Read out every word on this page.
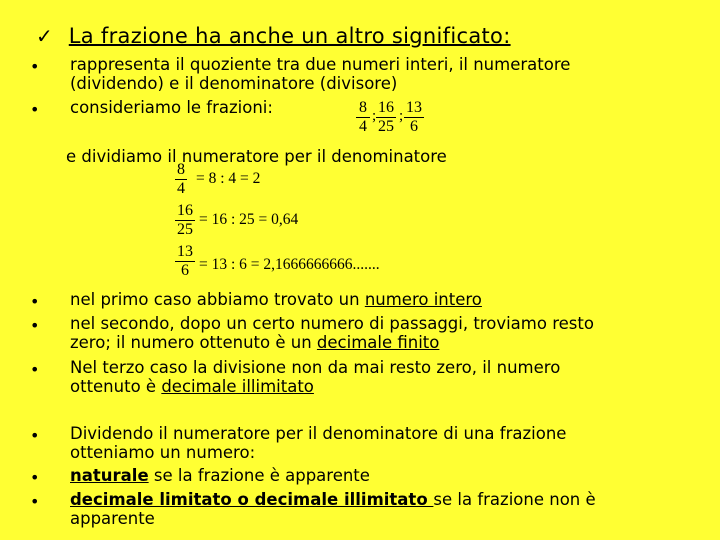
✓ La frazione ha anche un altro significato:
• rappresenta il quoziente tra due numeri interi, il numeratore
(dividendo) e il denominatore (divisore)
• consideriamo le frazioni:	8
4
; 16
25
; 13
6
e dividiamo il numeratore per il denominatore
8
4
= 8 : 4 = 2
16
25
= 16 : 25 = 0,64
13
6 = 13 : 6 = 2,1666666666.......
• nel primo caso abbiamo trovato un numero intero
• nel secondo, dopo un certo numero di passaggi, troviamo resto
zero; il numero ottenuto è un decimale finito
• Nel terzo caso la divisione non da mai resto zero, il numero
ottenuto è decimale illimitato
• Dividendo il numeratore per il denominatore di una frazione
otteniamo un numero:
• naturale se la frazione è apparente
• decimale limitato o decimale illimitato se la frazione non è
apparente
